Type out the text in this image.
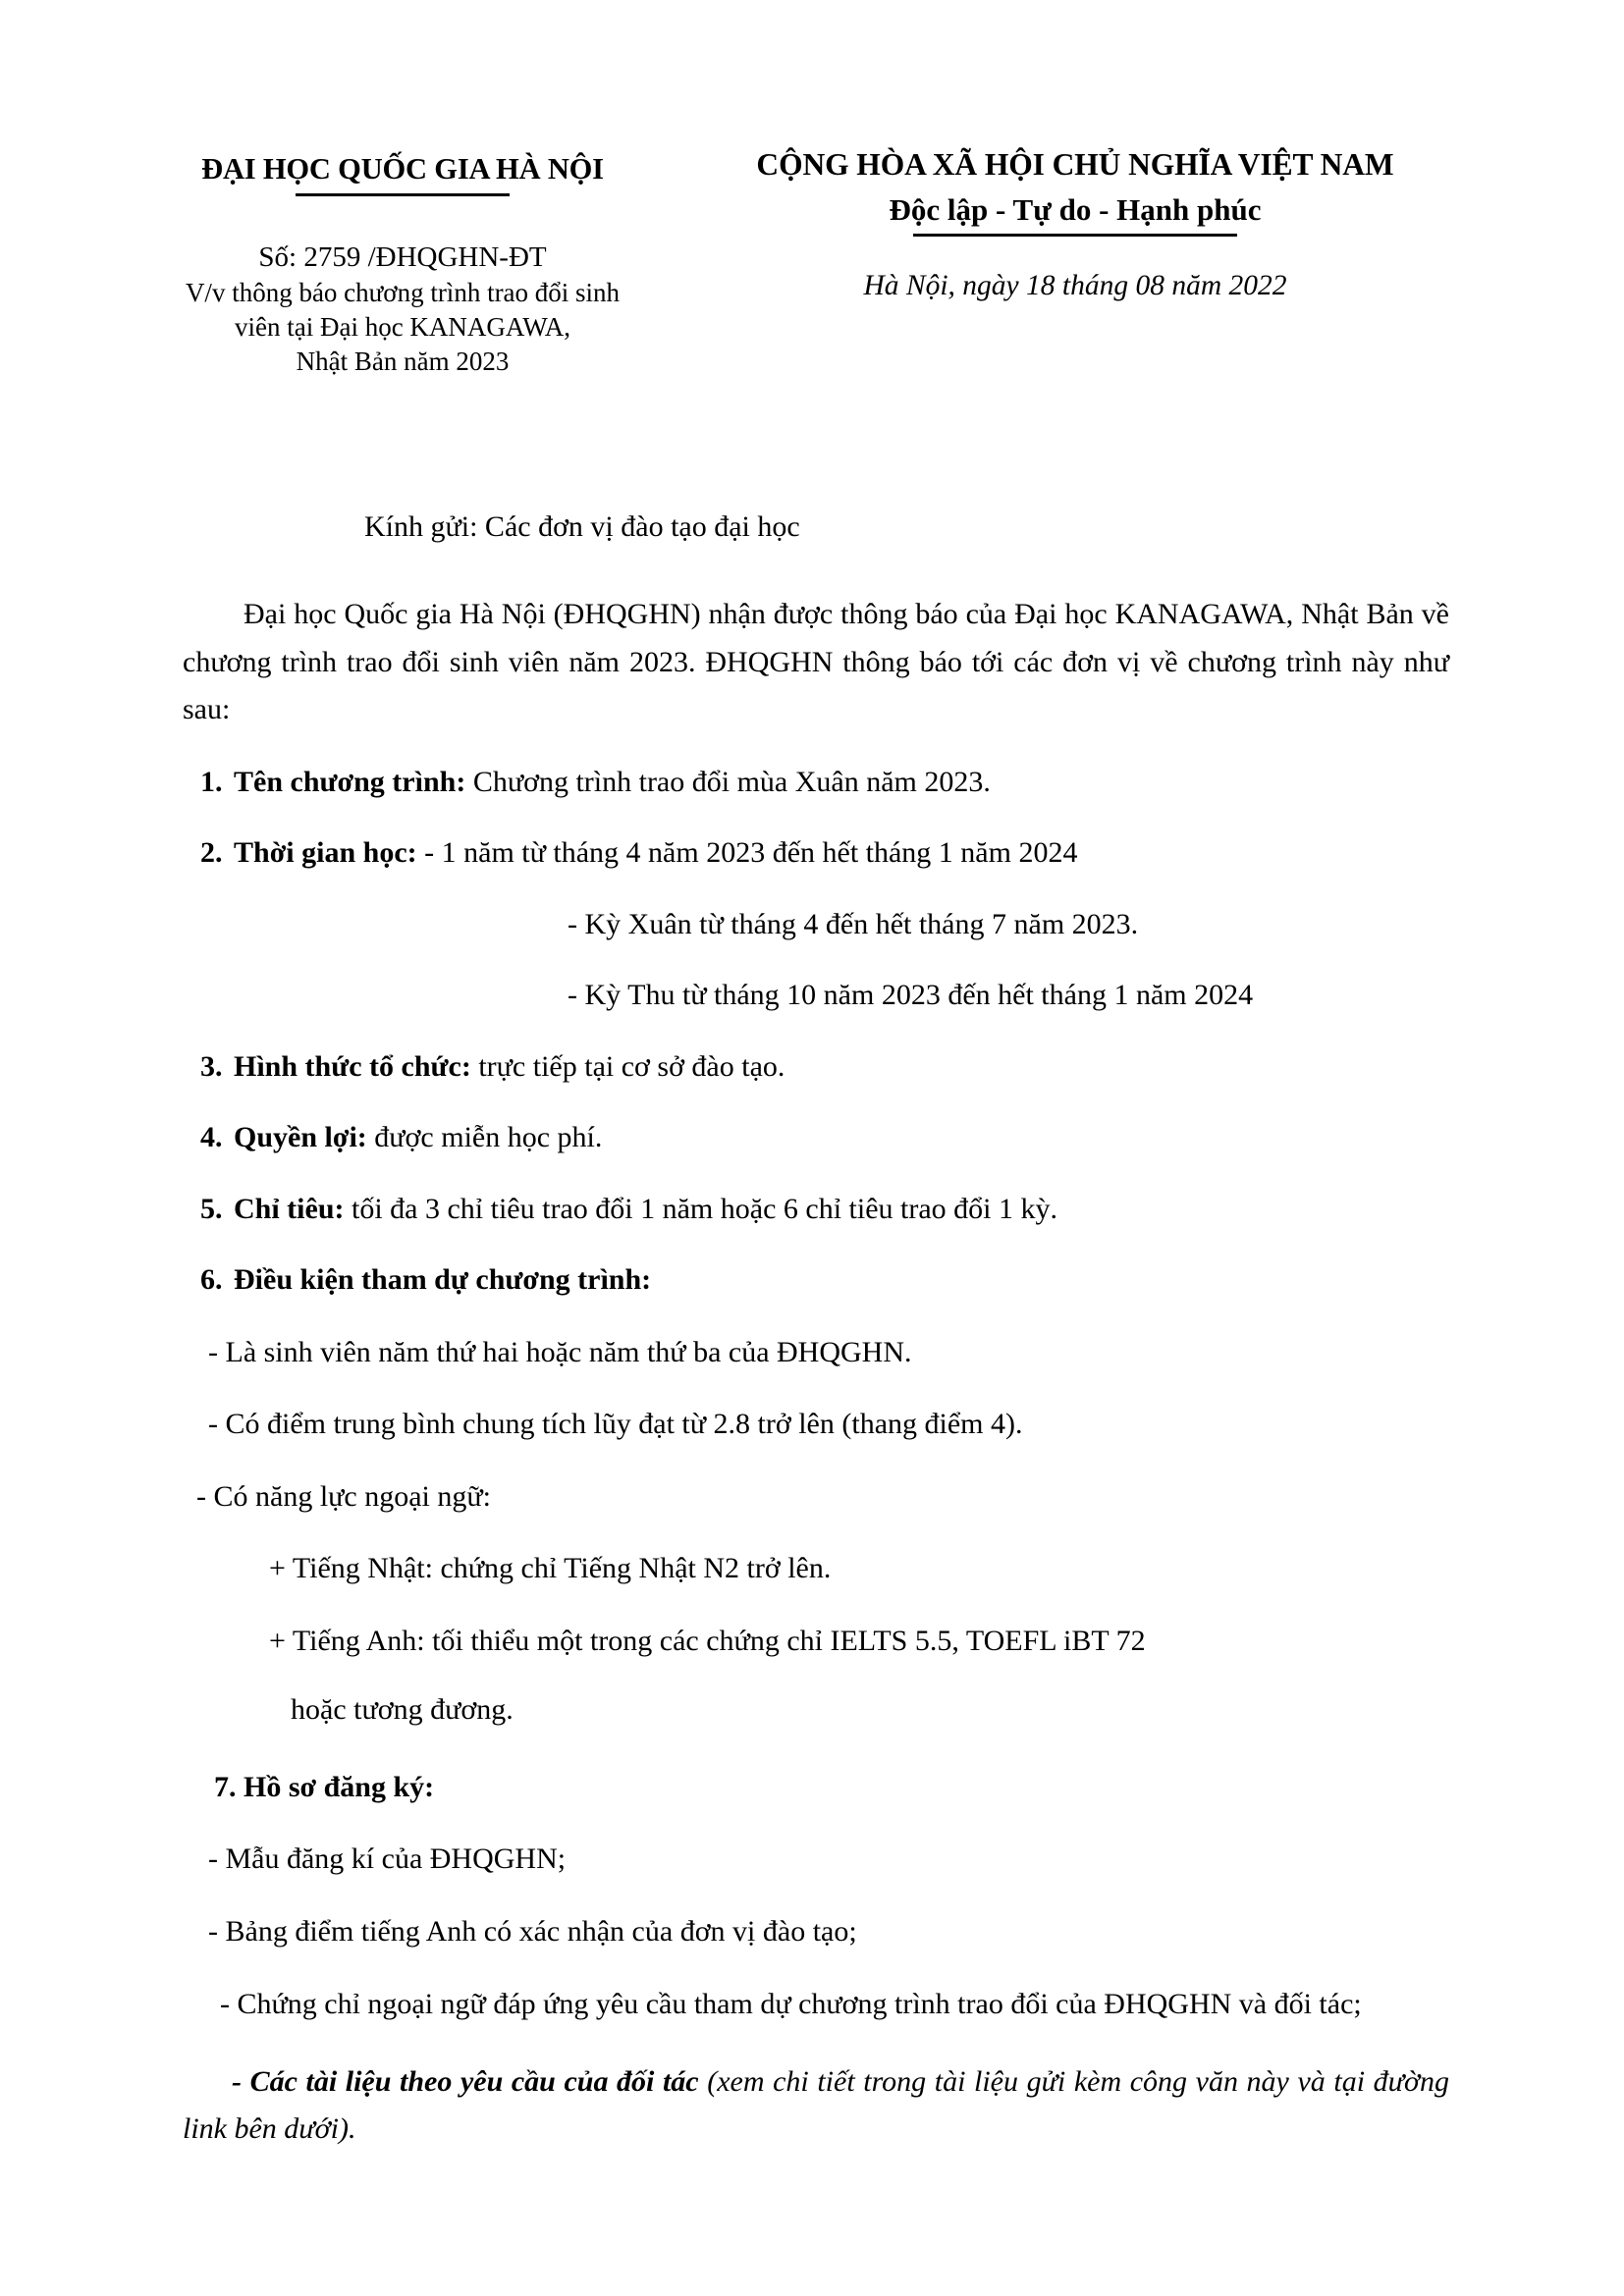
ĐẠI HỌC QUỐC GIA HÀ NỘI
Số: 2759 /ĐHQGHN-ĐT
V/v thông báo chương trình trao đổi sinh
viên tại Đại học KANAGAWA,
Nhật Bản năm 2023
CỘNG HÒA XÃ HỘI CHỦ NGHĨA VIỆT NAM
Độc lập - Tự do - Hạnh phúc
Hà Nội, ngày 18 tháng 08 năm 2022
Kính gửi: Các đơn vị đào tạo đại học
Đại học Quốc gia Hà Nội (ĐHQGHN) nhận được thông báo của Đại học KANAGAWA, Nhật Bản về chương trình trao đổi sinh viên năm 2023. ĐHQGHN thông báo tới các đơn vị về chương trình này như sau:
1. Tên chương trình: Chương trình trao đổi mùa Xuân năm 2023.
2. Thời gian học: - 1 năm từ tháng 4 năm 2023 đến hết tháng 1 năm 2024
- Kỳ Xuân từ tháng 4 đến hết tháng 7 năm 2023.
- Kỳ Thu từ tháng 10 năm 2023 đến hết tháng 1 năm 2024
3. Hình thức tổ chức: trực tiếp tại cơ sở đào tạo.
4. Quyền lợi: được miễn học phí.
5. Chỉ tiêu: tối đa 3 chỉ tiêu trao đổi 1 năm hoặc 6 chỉ tiêu trao đổi 1 kỳ.
6. Điều kiện tham dự chương trình:
- Là sinh viên năm thứ hai hoặc năm thứ ba của ĐHQGHN.
- Có điểm trung bình chung tích lũy đạt từ 2.8 trở lên (thang điểm 4).
- Có năng lực ngoại ngữ:
+ Tiếng Nhật: chứng chỉ Tiếng Nhật N2 trở lên.
+ Tiếng Anh: tối thiểu một trong các chứng chỉ IELTS 5.5, TOEFL iBT 72
hoặc tương đương.
7. Hồ sơ đăng ký:
- Mẫu đăng kí của ĐHQGHN;
- Bảng điểm tiếng Anh có xác nhận của đơn vị đào tạo;
- Chứng chỉ ngoại ngữ đáp ứng yêu cầu tham dự chương trình trao đổi của ĐHQGHN và đối tác;
- Các tài liệu theo yêu cầu của đối tác (xem chi tiết trong tài liệu gửi kèm công văn này và tại đường link bên dưới).
